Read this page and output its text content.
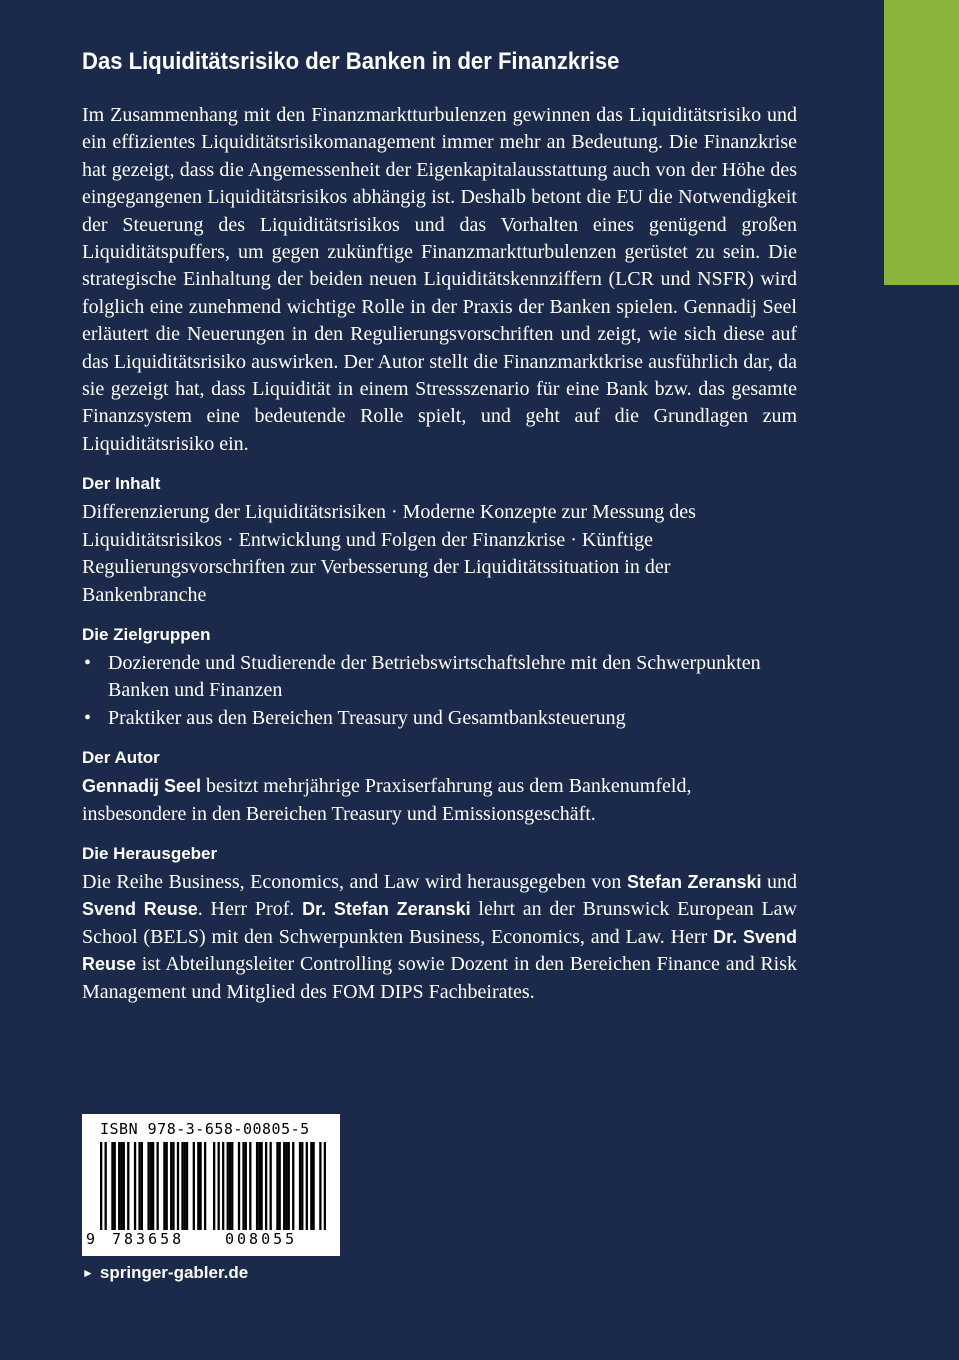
Das Liquiditätsrisiko der Banken in der Finanzkrise

Im Zusammenhang mit den Finanzmarktturbulenzen gewinnen das Liquiditätsrisiko und ein effizientes Liquiditätsrisikomanagement immer mehr an Bedeutung. Die Finanzkrise hat gezeigt, dass die Angemessenheit der Eigenkapitalausstattung auch von der Höhe des eingegangenen Liquiditätsrisikos abhängig ist. Deshalb betont die EU die Notwendigkeit der Steuerung des Liquiditätsrisikos und das Vorhalten eines genügend großen Liquiditätspuffers, um gegen zukünftige Finanzmarktturbulenzen gerüstet zu sein. Die strategische Einhaltung der beiden neuen Liquiditätskennziffern (LCR und NSFR) wird folglich eine zunehmend wichtige Rolle in der Praxis der Banken spielen. Gennadij Seel erläutert die Neuerungen in den Regulierungsvorschriften und zeigt, wie sich diese auf das Liquiditätsrisiko auswirken. Der Autor stellt die Finanzmarktkrise ausführlich dar, da sie gezeigt hat, dass Liquidität in einem Stressszenario für eine Bank bzw. das gesamte Finanzsystem eine bedeutende Rolle spielt, und geht auf die Grundlagen zum Liquiditätsrisiko ein.

Der Inhalt

Differenzierung der Liquiditätsrisiken · Moderne Konzepte zur Messung des Liquiditätsrisikos · Entwicklung und Folgen der Finanzkrise · Künftige Regulierungsvorschriften zur Verbesserung der Liquiditätssituation in der Bankenbranche

Die Zielgruppen
• Dozierende und Studierende der Betriebswirtschaftslehre mit den Schwerpunkten Banken und Finanzen
• Praktiker aus den Bereichen Treasury und Gesamtbanksteuerung
Der Autor

Gennadij Seel besitzt mehrjährige Praxiserfahrung aus dem Bankenumfeld, insbesondere in den Bereichen Treasury und Emissionsgeschäft.

Die Herausgeber

Die Reihe Business, Economics, and Law wird herausgegeben von Stefan Zeranski und Svend Reuse. Herr Prof. Dr. Stefan Zeranski lehrt an der Brunswick European Law School (BELS) mit den Schwerpunkten Business, Economics, and Law. Herr Dr. Svend Reuse ist Abteilungsleiter Controlling sowie Dozent in den Bereichen Finance and Risk Management und Mitglied des FOM DIPS Fachbeirates.

ISBN 978-3-658-00805-5
9 783658	008055
► springer-gabler.de
